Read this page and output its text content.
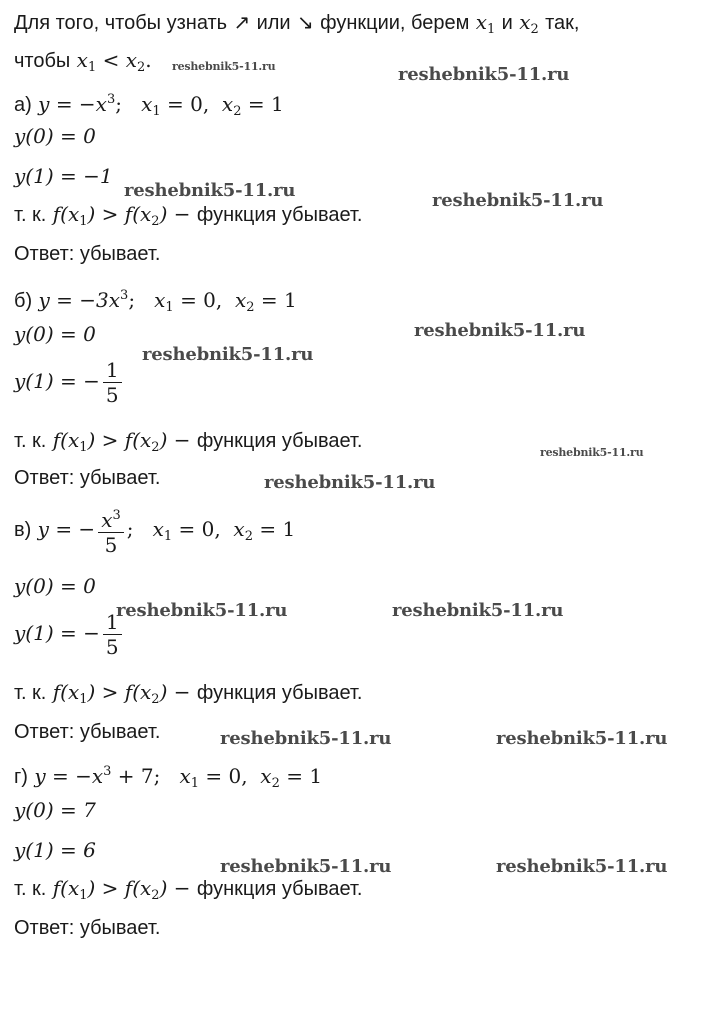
Для того, чтобы узнать ↗ или ↘ функции, берем $x_1$ и $x_2$ так,
чтобы $x_1 < x_2$.
а) $y = -x^3$; $x_1 = 0$, $x_2 = 1$
y(0) = 0
y(1) = −1
т. к. $f(x_1) > f(x_2)$ − функция убывает.
Ответ: убывает.
б) $y = -3x^3$; $x_1 = 0$, $x_2 = 1$
y(0) = 0
y(1) = − $\frac{1}{5}$
т. к. $f(x_1) > f(x_2)$ − функция убывает.
Ответ: убывает.
в) y = − $\frac{x^3}{5}$ ; $x_1 = 0$, $x_2 = 1$
y(0) = 0
y(1) = − $\frac{1}{5}$
т. к. $f(x_1) > f(x_2)$ − функция убывает.
Ответ: убывает.
г) $y = -x^3 + 7$; $x_1 = 0$, $x_2 = 1$
y(0) = 7
y(1) = 6
т. к. $f(x_1) > f(x_2)$ − функция убывает.
Ответ: убывает.
reshebnik5-11.ru	reshebnik5-11.ru
reshebnik5-11.ru	reshebnik5-11.ru
reshebnik5-11.ru
reshebnik5-11.ru
reshebnik5-11.ru
reshebnik5-11.ru
reshebnik5-11.ru	reshebnik5-11.ru
reshebnik5-11.ru	reshebnik5-11.ru
reshebnik5-11.ru	reshebnik5-11.ru
